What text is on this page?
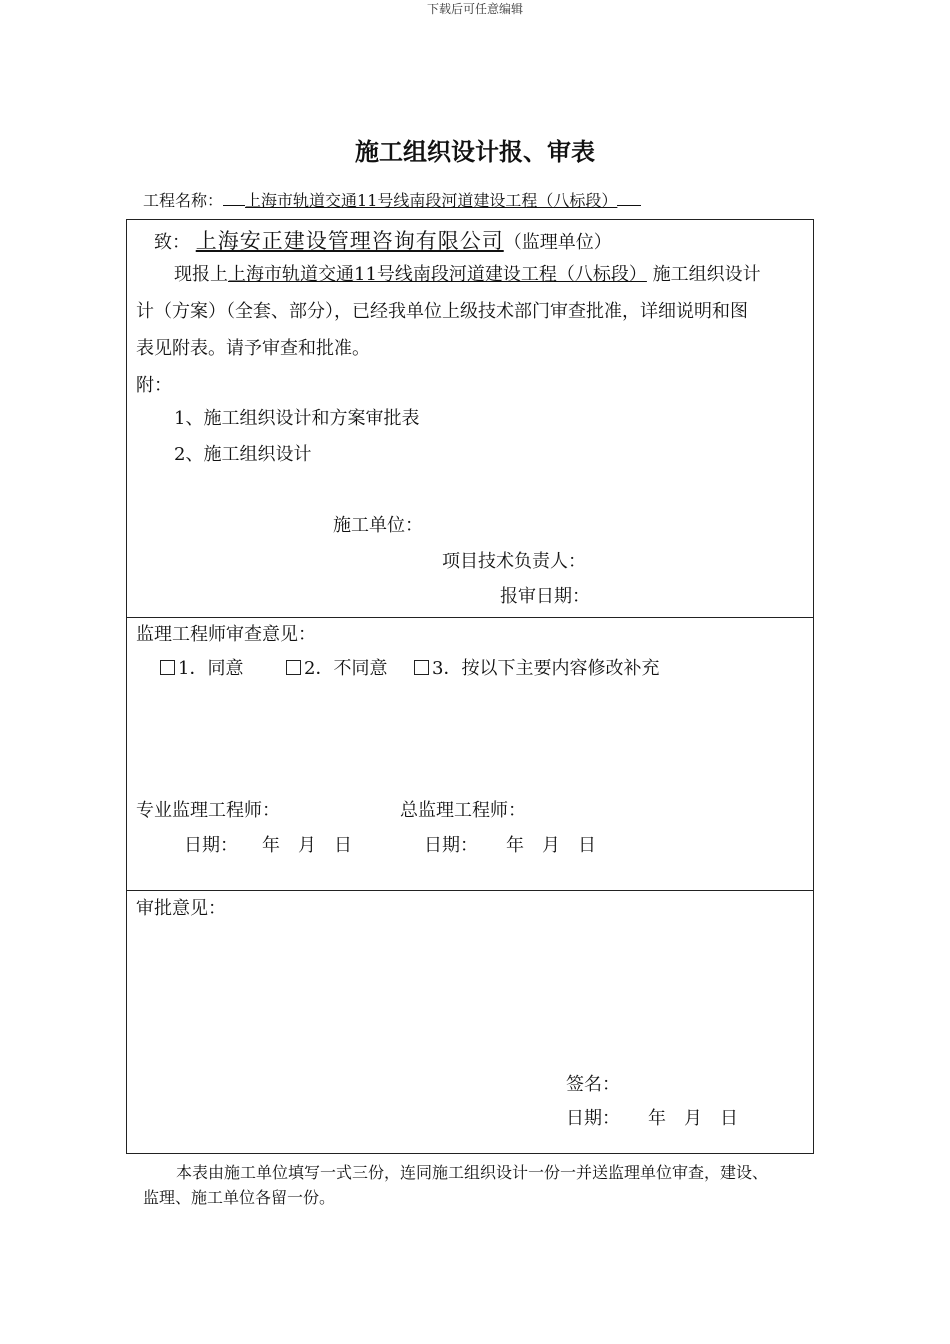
下载后可任意编辑
施工组织设计报、审表
工程名称： 上海市轨道交通11号线南段河道建设工程（八标段）
致： 上海安正建设管理咨询有限公司（监理单位）
现报上上海市轨道交通11号线南段河道建设工程（八标段） 施工组织设计
计（方案）（全套、部分），已经我单位上级技术部门审查批准，详细说明和图
表见附表。请予审查和批准。
附：
1、施工组织设计和方案审批表
2、施工组织设计
施工单位：
项目技术负责人：
报审日期：
监理工程师审查意见：
1．同意	2．不同意	3．按以下主要内容修改补充
专业监理工程师：	总监理工程师：
日期： 年 月 日	日期： 年 月 日
审批意见：
签名：
日期： 年 月 日
本表由施工单位填写一式三份，连同施工组织设计一份一并送监理单位审查，建设、
监理、施工单位各留一份。
